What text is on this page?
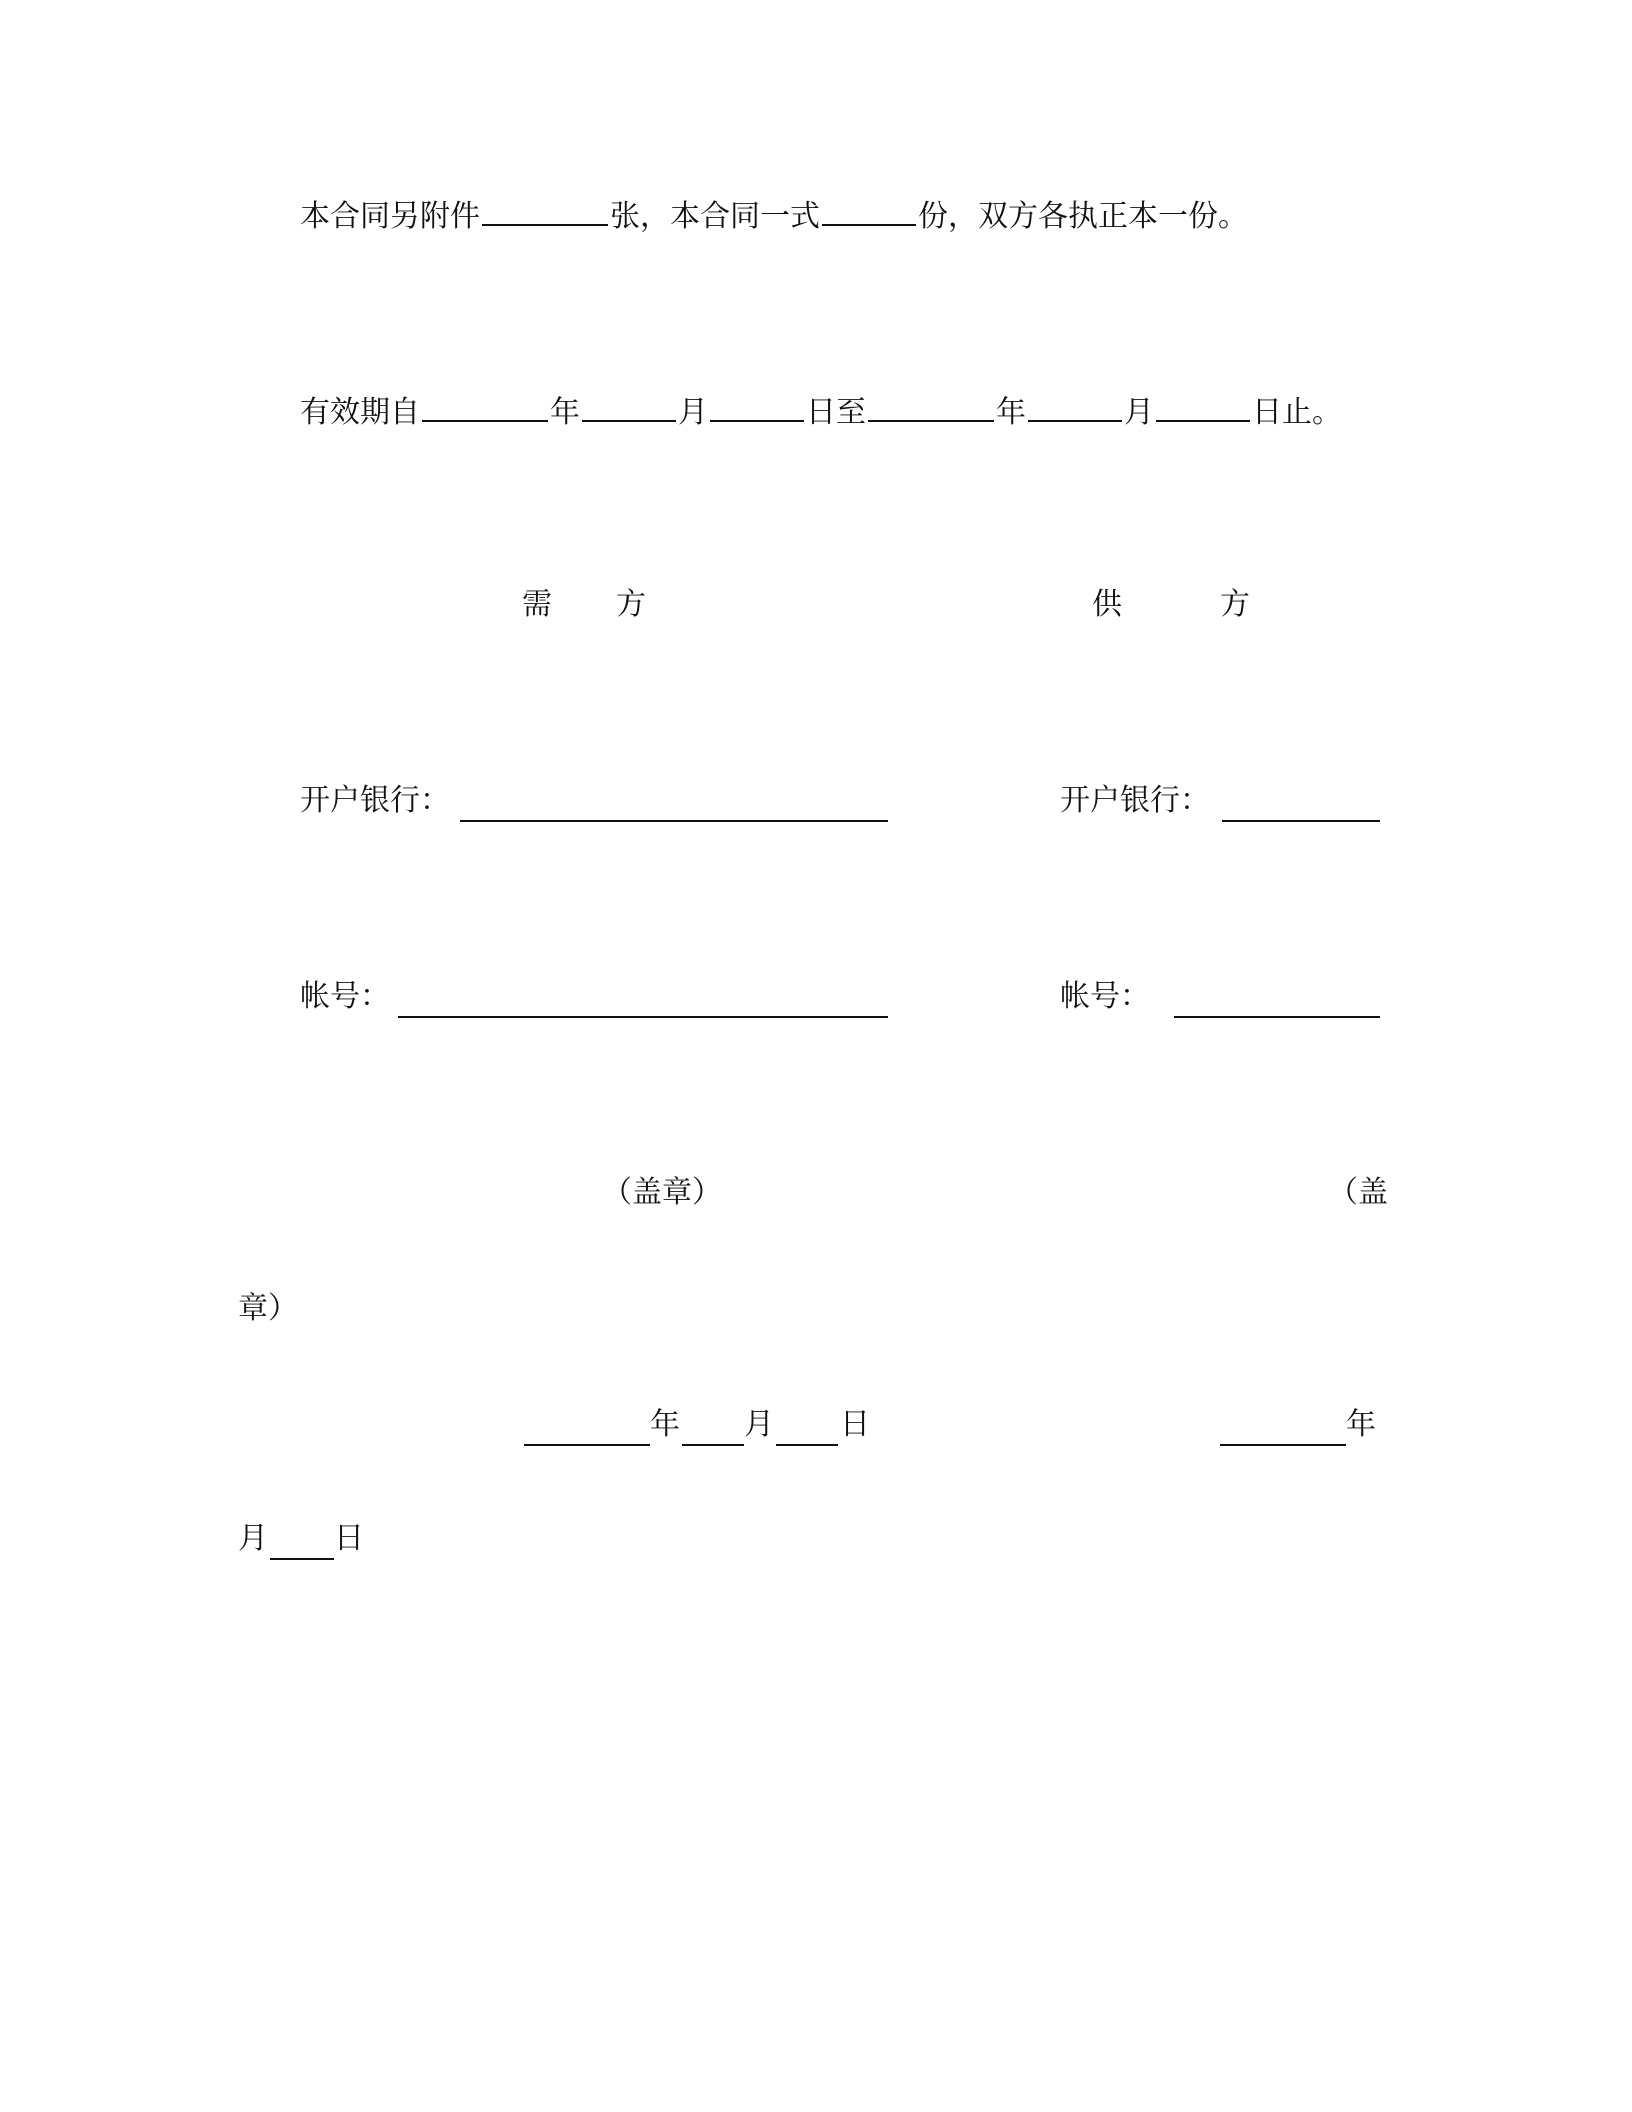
本合同另附件	张，本合同一式	份，双方各执正本一份。
有效期自	年	月	日至	年	月	日止。
需 方	供	方
开户银行：	开户银行：
帐号：	帐号：
（盖章）	（盖
章）
年 月 日	年
月 日
